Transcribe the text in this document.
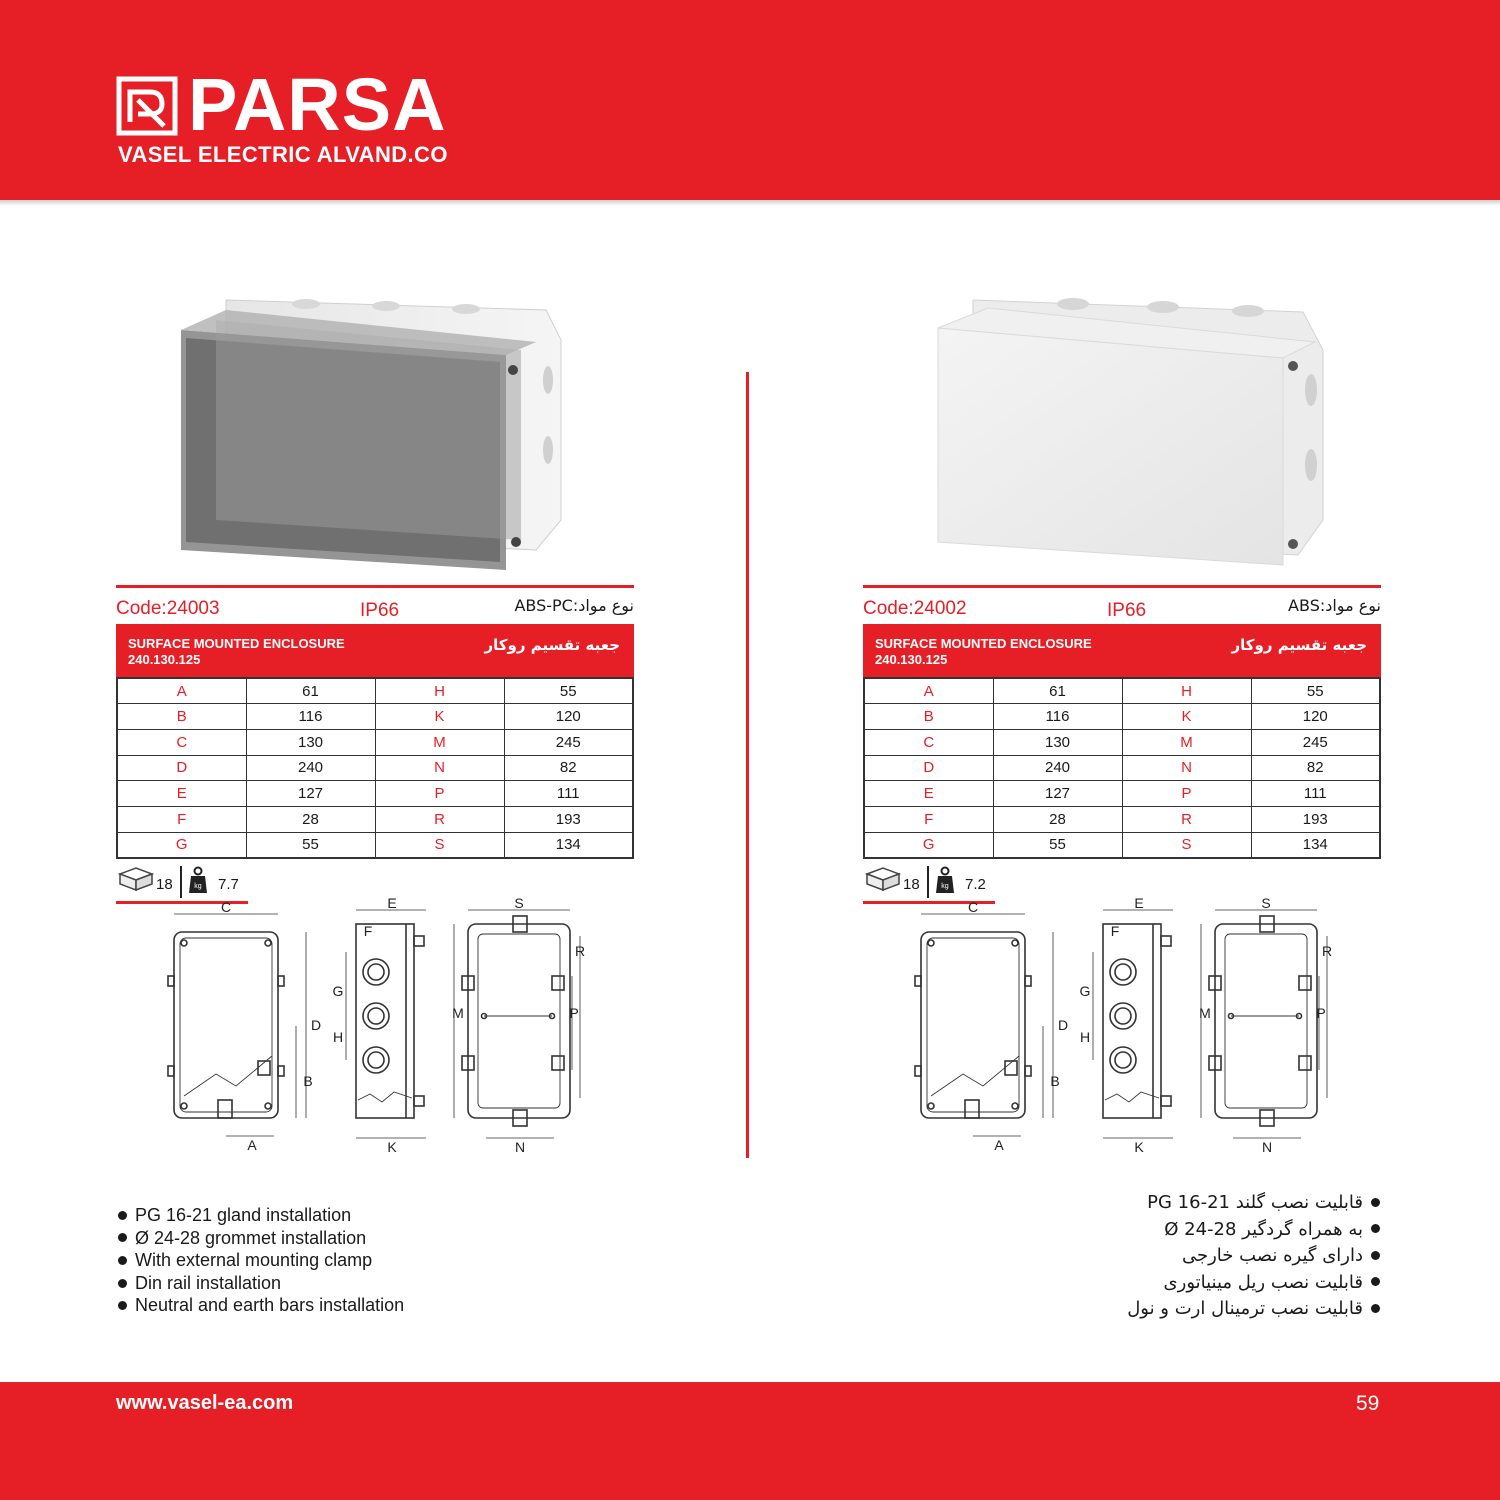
PARSA
VASEL ELECTRIC ALVAND.CO
Code:24003	IP66	نوع مواد:ABS-PC
SURFACE MOUNTED ENCLOSURE
240.130.125
جعبه تقسیم روکار
A	61	H	55
B	116	K	120
C	130	M	245
D	240	N	82
E	127	P	111
F	28	R	193
G	55	S	134
18	kg 7.7
C
D
B
A
E
F
G
H
K
S
R
P
M
N
Code:24002	IP66	نوع مواد:ABS
SURFACE MOUNTED ENCLOSURE
240.130.125
جعبه تقسیم روکار
A	61	H	55
B	116	K	120
C	130	M	245
D	240	N	82
E	127	P	111
F	28	R	193
G	55	S	134
18	kg 7.2
C
D
B
A
E
F
G
H
K
S
R
P
M
N
PG 16-21 gland installation
Ø 24-28 grommet installation
With external mounting clamp
Din rail installation
Neutral and earth bars installation
قابلیت نصب گلند PG 16-21
به همراه گردگیر Ø 24-28
دارای گیره نصب خارجی
قابلیت نصب ریل مینیاتوری
قابلیت نصب ترمینال ارت و نول
www.vasel-ea.com	59
